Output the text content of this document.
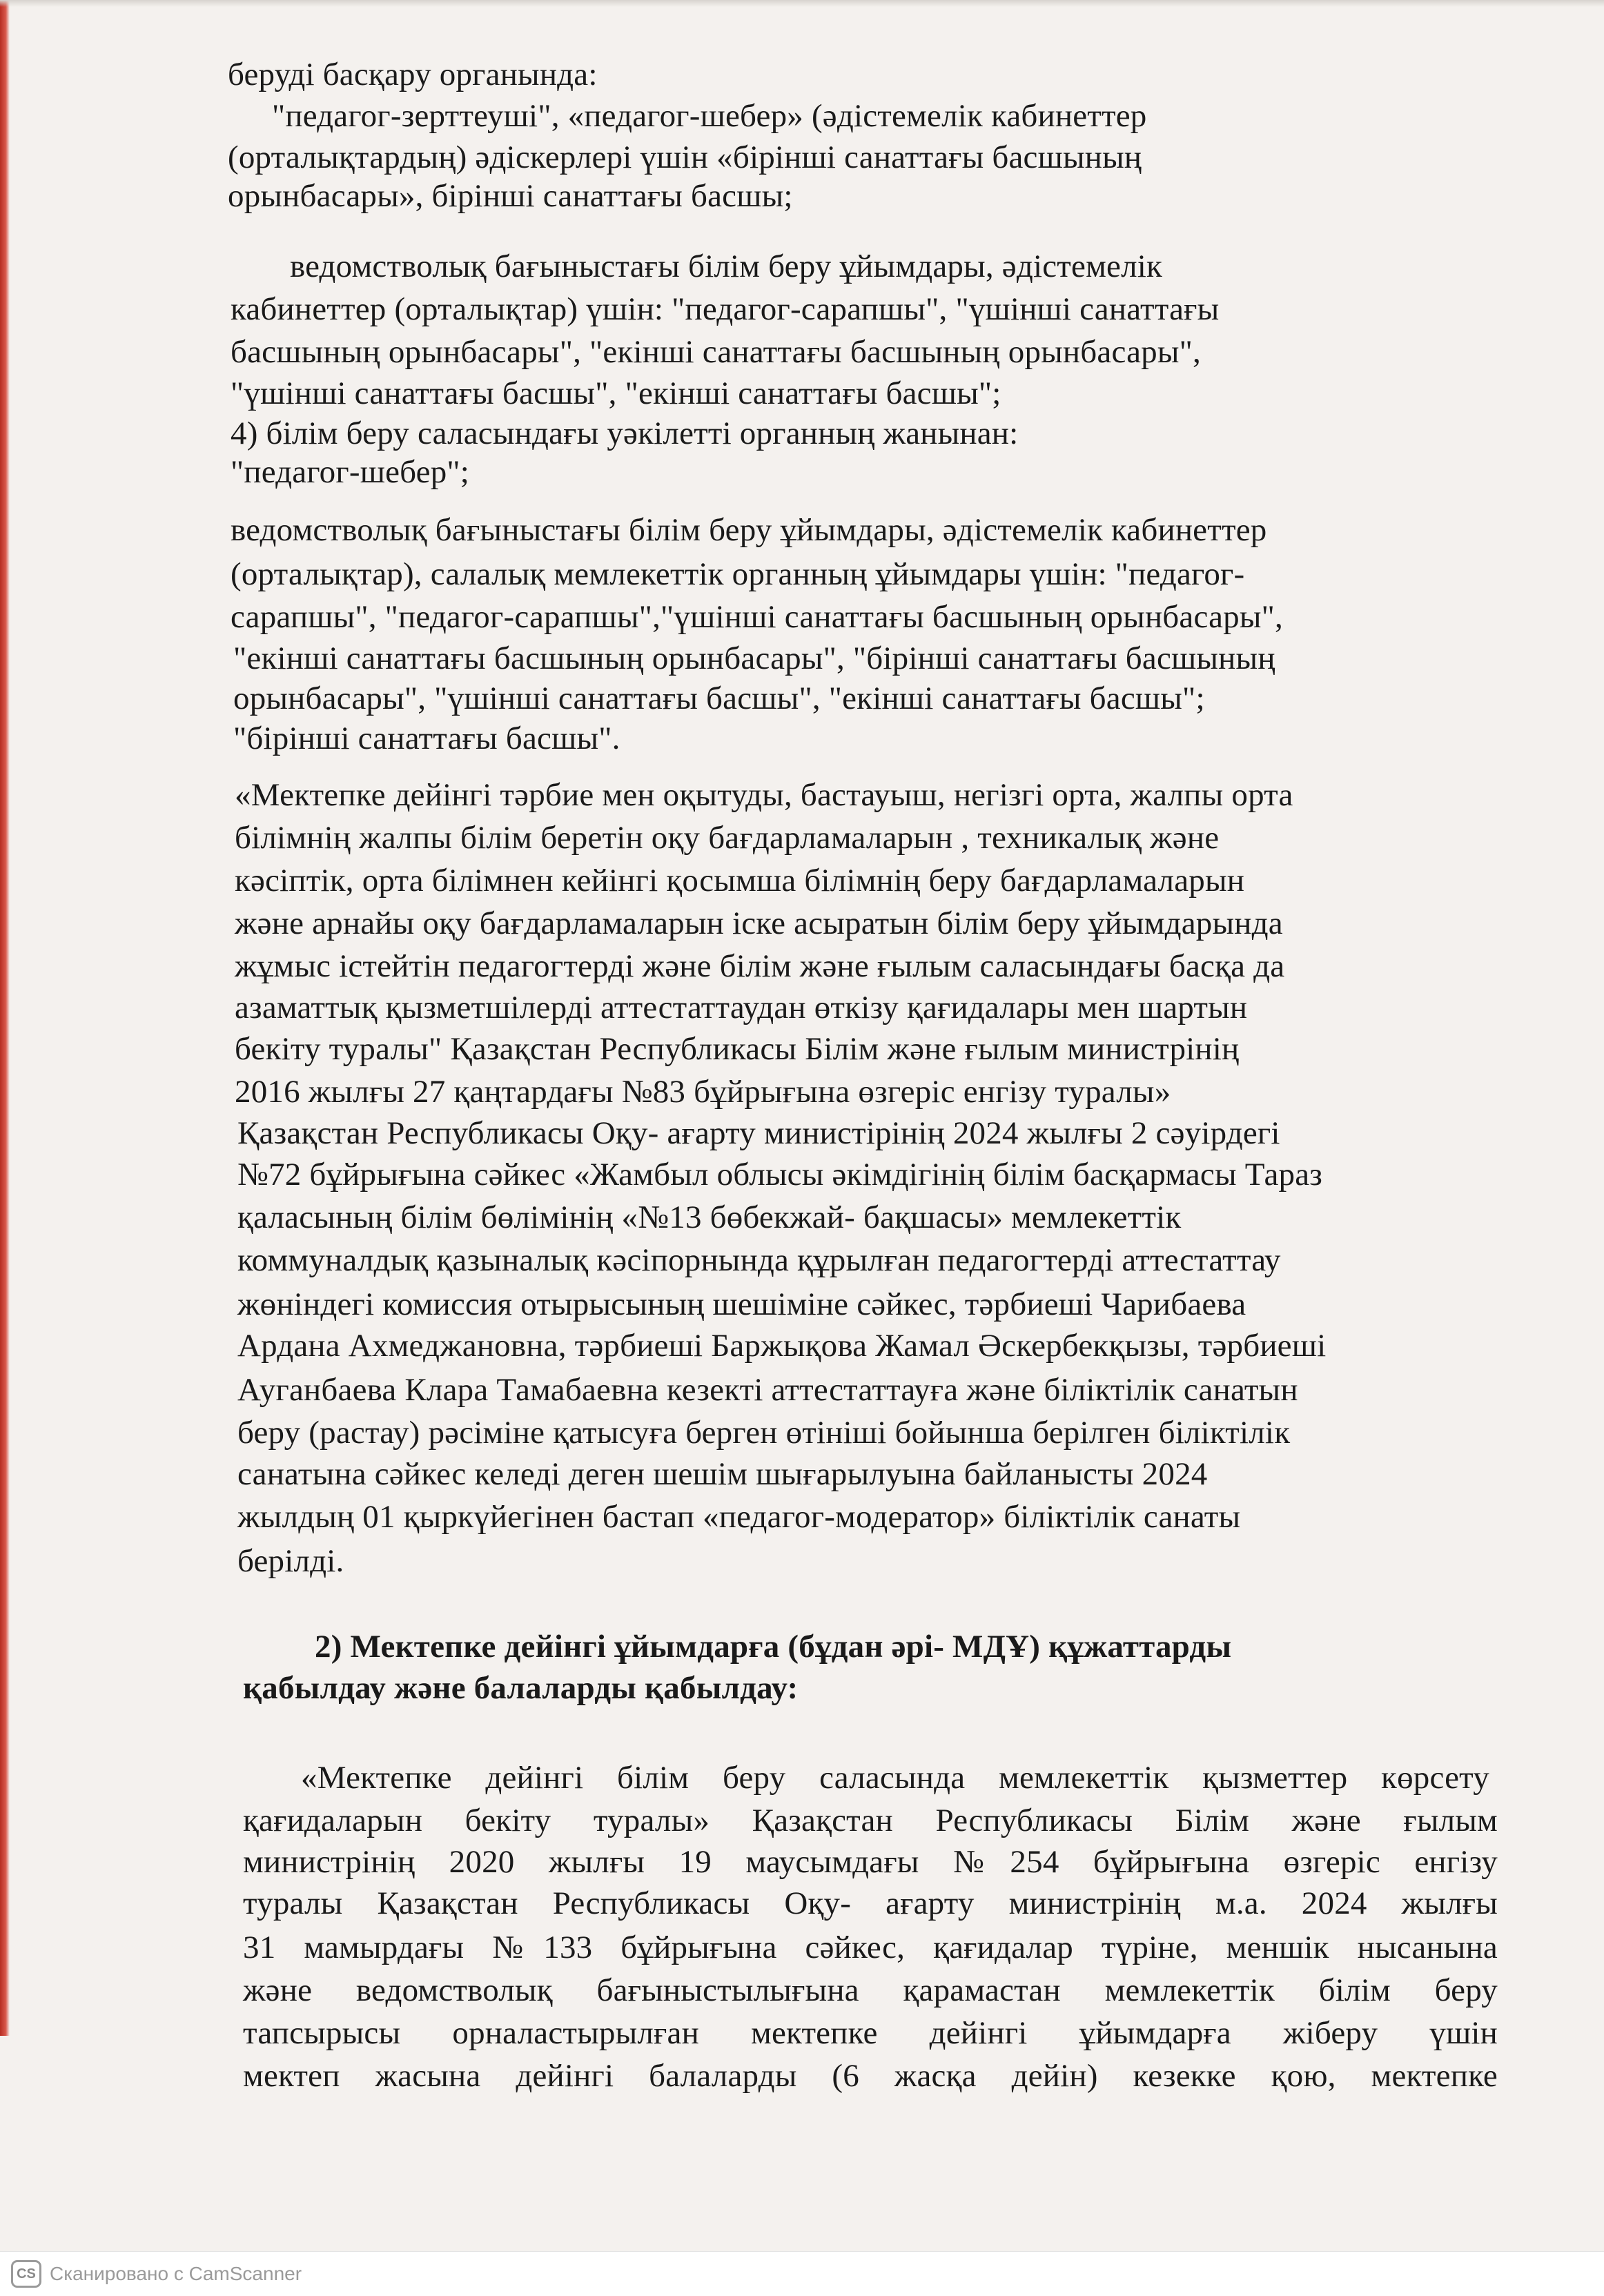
беруді басқару органында:
"педагог-зерттеуші", «педагог-шебер» (әдістемелік кабинеттер
(орталықтардың) әдіскерлері үшін «бірінші санаттағы басшының
орынбасары», бірінші санаттағы басшы;
ведомстволық бағыныстағы білім беру ұйымдары, әдістемелік
кабинеттер (орталықтар) үшін: "педагог-сарапшы", "үшінші санаттағы
басшының орынбасары", "екінші санаттағы басшының орынбасары",
"үшінші санаттағы басшы", "екінші санаттағы басшы";
4) білім беру саласындағы уәкілетті органның жанынан:
"педагог-шебер";
ведомстволық бағыныстағы білім беру ұйымдары, әдістемелік кабинеттер
(орталықтар), салалық мемлекеттік органның ұйымдары үшін: "педагог-
сарапшы", "педагог-сарапшы","үшінші санаттағы басшының орынбасары",
"екінші санаттағы басшының орынбасары", "бірінші санаттағы басшының
орынбасары", "үшінші санаттағы басшы", "екінші санаттағы басшы";
"бірінші санаттағы басшы".
«Мектепке дейінгі тәрбие мен оқытуды, бастауыш, негізгі орта, жалпы орта
білімнің жалпы білім беретін оқу бағдарламаларын , техникалық және
кәсіптік, орта білімнен кейінгі қосымша білімнің беру бағдарламаларын
және арнайы оқу бағдарламаларын іске асыратын білім беру ұйымдарында
жұмыс істейтін педагогтерді және білім және ғылым саласындағы басқа да
азаматтық қызметшілерді аттестаттаудан өткізу қағидалары мен шартын
бекіту туралы" Қазақстан Республикасы Білім және ғылым министрінің
2016 жылғы 27 қаңтардағы №83 бұйрығына өзгеріс енгізу туралы»
Қазақстан Республикасы Оқу- ағарту министірінің 2024 жылғы 2 сәуірдегі
№72 бұйрығына сәйкес «Жамбыл облысы әкімдігінің білім басқармасы Тараз
қаласының білім бөлімінің «№13 бөбекжай- бақшасы» мемлекеттік
коммуналдық қазыналық кәсіпорнында құрылған педагогтерді аттестаттау
жөніндегі комиссия отырысының шешіміне сәйкес, тәрбиеші Чарибаева
Ардана Ахмеджановна, тәрбиеші Баржықова Жамал Әскербекқызы, тәрбиеші
Ауганбаева Клара Тамабаевна кезекті аттестаттауға және біліктілік санатын
беру (растау) рәсіміне қатысуға берген өтініші бойынша берілген біліктілік
санатына сәйкес келеді деген шешім шығарылуына байланысты 2024
жылдың 01 қыркүйегінен бастап «педагог-модератор» біліктілік санаты
берілді.
2) Мектепке дейінгі ұйымдарға (бұдан әрі- МДҰ) құжаттарды
қабылдау және балаларды қабылдау:
«Мектепке дейінгі білім беру саласында мемлекеттік қызметтер көрсету
қағидаларын бекіту туралы» Қазақстан Республикасы Білім және ғылым
министрінің 2020 жылғы 19 маусымдағы №254 бұйрығына өзгеріс енгізу
туралы Қазақстан Республикасы Оқу- ағарту министрінің м.а. 2024 жылғы
31 мамырдағы №133 бұйрығына сәйкес, қағидалар түріне, меншік нысанына
және ведомстволық бағыныстылығына қарамастан мемлекеттік білім беру
тапсырысы орналастырылған мектепке дейінгі ұйымдарға жіберу үшін
мектеп жасына дейінгі балаларды (6 жасқа дейін) кезекке қою, мектепке
CS Сканировано с CamScanner
